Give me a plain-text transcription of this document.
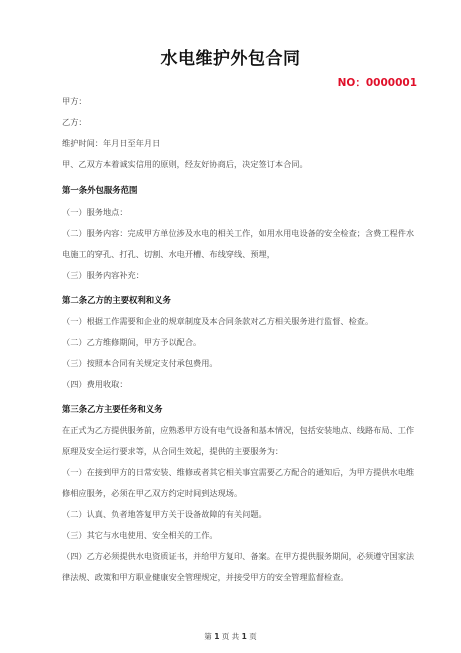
水电维护外包合同
NO：0000001
甲方：
乙方：
维护时间：年月日至年月日
甲、乙双方本着诚实信用的原则，经友好协商后，决定签订本合同。
第一条外包服务范围
（一）服务地点：
（二）服务内容：完成甲方单位涉及水电的相关工作，如用水用电设备的安全检查；含费工程件水电施工的穿孔、打孔、切割、水电开槽、布线穿线、预埋，
（三）服务内容补充：
第二条乙方的主要权利和义务
（一）根据工作需要和企业的规章制度及本合同条款对乙方相关服务进行监督、检查。
（二）乙方维修期间，甲方予以配合。
（三）按照本合同有关规定支付承包费用。
（四）费用收取：
第三条乙方主要任务和义务
在正式为乙方提供服务前，应熟悉甲方设有电气设备和基本情况，包括安装地点、线路布局、工作原理及安全运行要求等，从合同生效起，提供的主要服务为：
（一）在接到甲方的日常安装、维修或者其它相关事宜需要乙方配合的通知后，为甲方提供水电维修相应服务，必须在甲乙双方约定时间到达现场。
（二）认真、负者地答复甲方关于设备故障的有关问题。
（三）其它与水电使用、安全相关的工作。
（四）乙方必须提供水电资质证书，并给甲方复印、备案。在甲方提供服务期间，必须遵守国家法律法规、政策和甲方职业健康安全管理规定，并接受甲方的安全管理监督检查。
第 1 页 共 1 页
